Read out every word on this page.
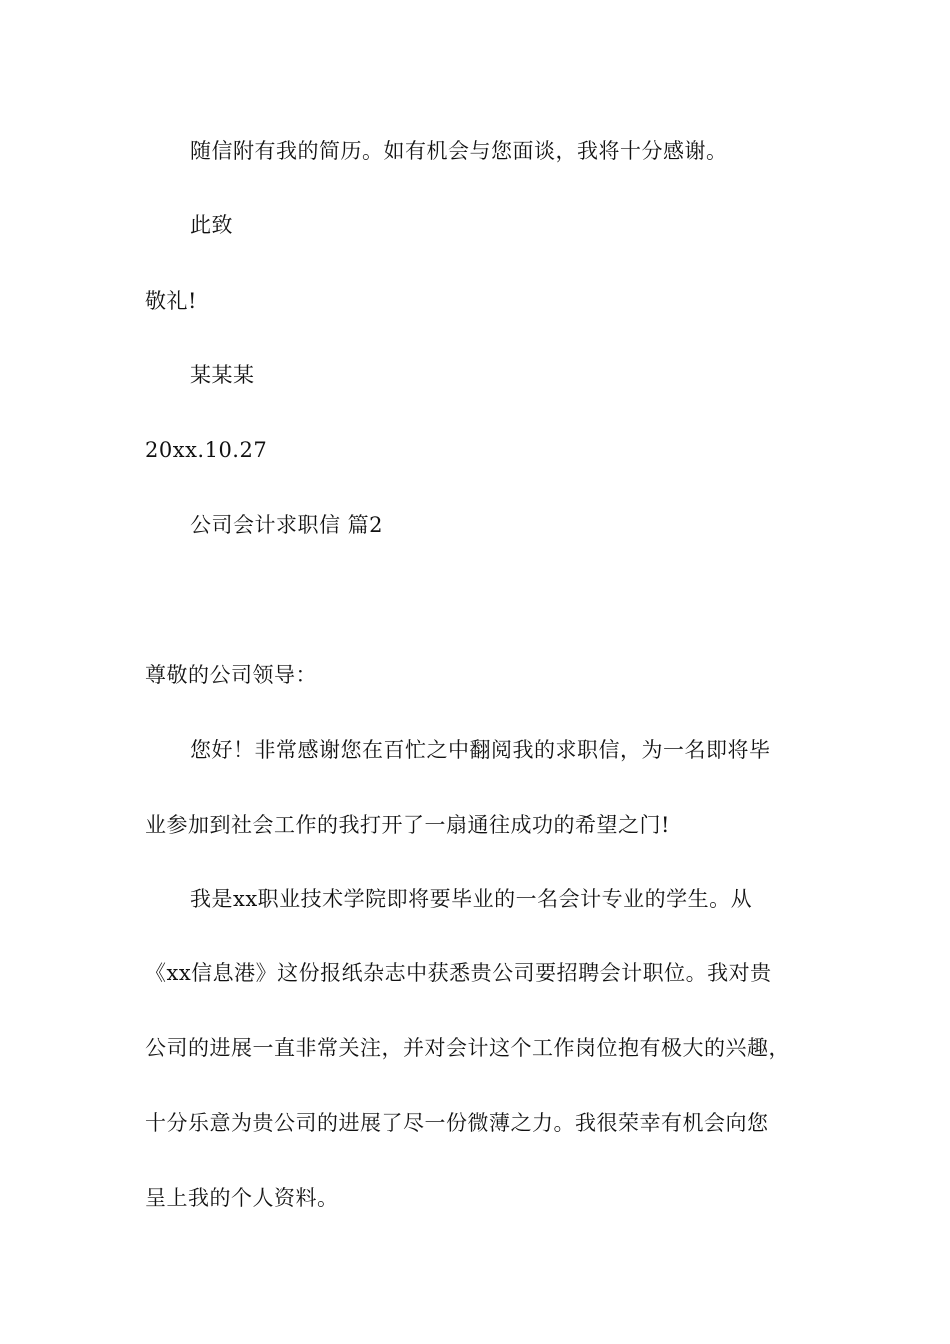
随信附有我的简历。如有机会与您面谈，我将十分感谢。
此致
敬礼!
某某某
20xx.10.27
公司会计求职信 篇2
尊敬的公司领导：
您好！非常感谢您在百忙之中翻阅我的求职信，为一名即将毕
业参加到社会工作的我打开了一扇通往成功的希望之门!
我是xx职业技术学院即将要毕业的一名会计专业的学生。从
《xx信息港》这份报纸杂志中获悉贵公司要招聘会计职位。我对贵
公司的进展一直非常关注，并对会计这个工作岗位抱有极大的兴趣，
十分乐意为贵公司的进展了尽一份微薄之力。我很荣幸有机会向您
呈上我的个人资料。
